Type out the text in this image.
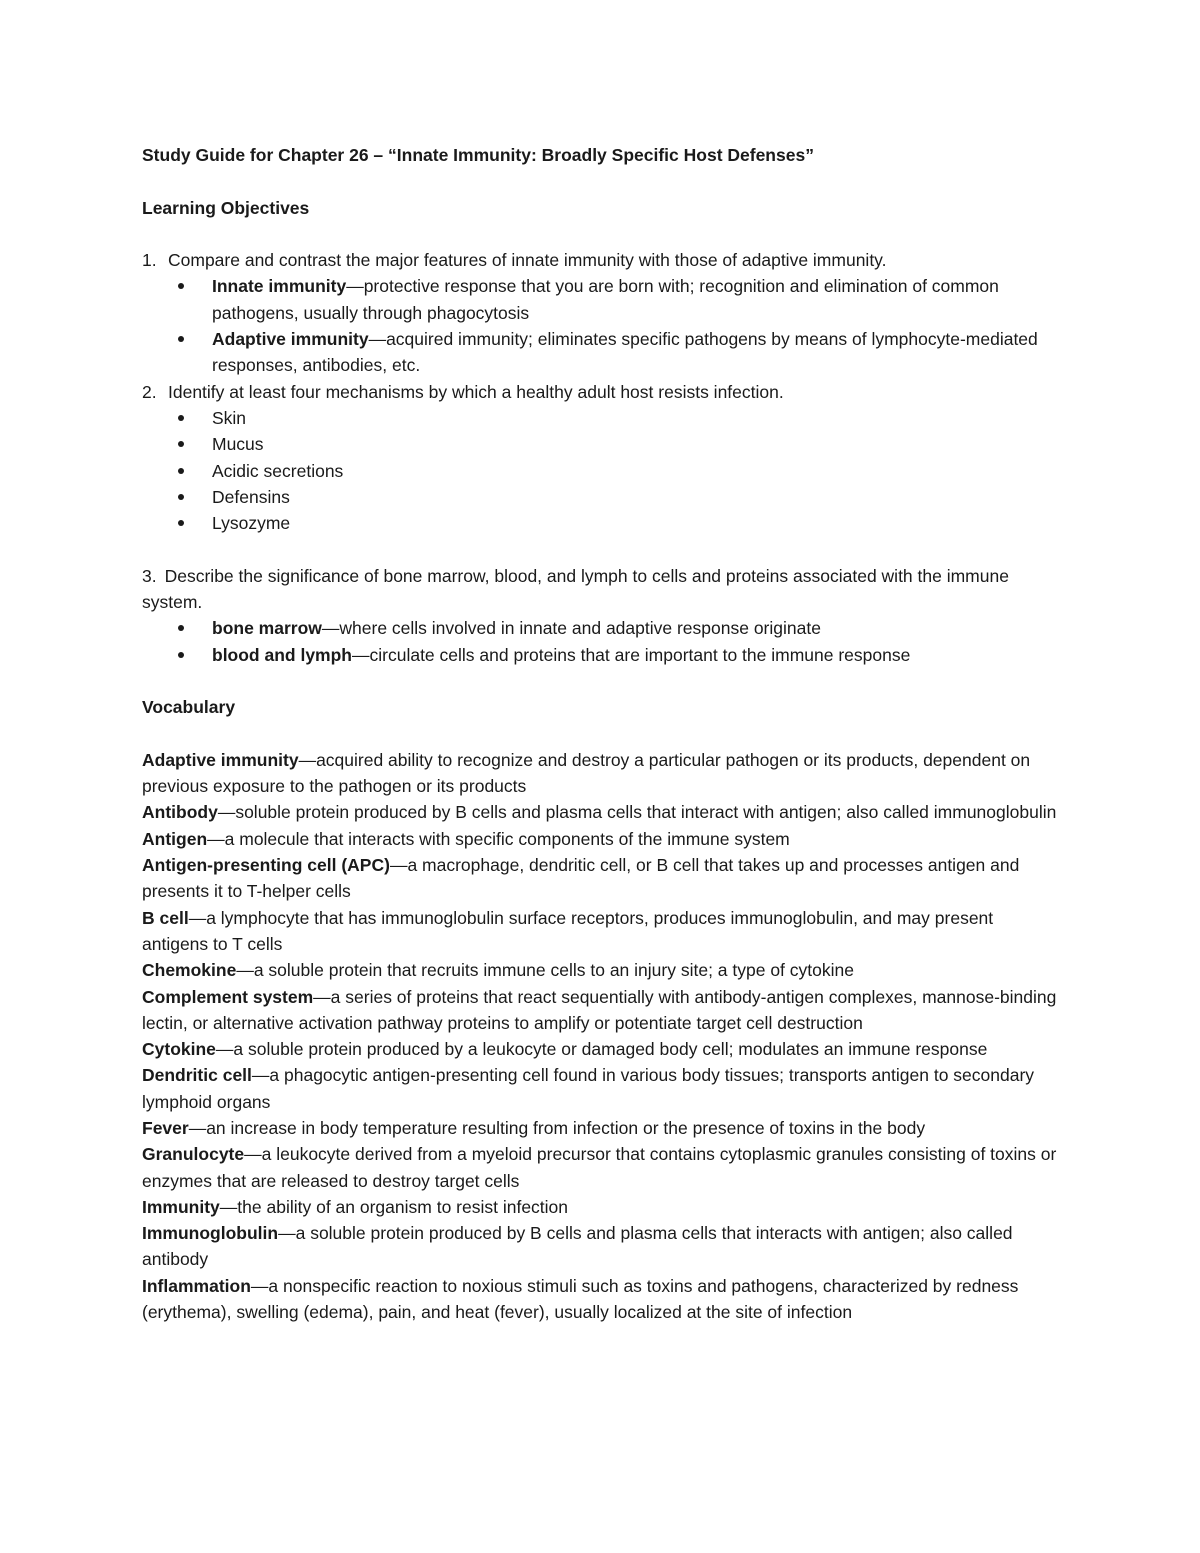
Study Guide for Chapter 26 – “Innate Immunity: Broadly Specific Host Defenses”

Learning Objectives
1. Compare and contrast the major features of innate immunity with those of adaptive immunity.
Innate immunity—protective response that you are born with; recognition and elimination of common pathogens, usually through phagocytosis
Adaptive immunity—acquired immunity; eliminates specific pathogens by means of lymphocyte-mediated responses, antibodies, etc.
2. Identify at least four mechanisms by which a healthy adult host resists infection.
Skin
Mucus
Acidic secretions
Defensins
Lysozyme
3. Describe the significance of bone marrow, blood, and lymph to cells and proteins associated with the immune system.
bone marrow—where cells involved in innate and adaptive response originate
blood and lymph—circulate cells and proteins that are important to the immune response
Vocabulary

Adaptive immunity—acquired ability to recognize and destroy a particular pathogen or its products, dependent on previous exposure to the pathogen or its products

Antibody—soluble protein produced by B cells and plasma cells that interact with antigen; also called immunoglobulin

Antigen—a molecule that interacts with specific components of the immune system

Antigen-presenting cell (APC)—a macrophage, dendritic cell, or B cell that takes up and processes antigen and presents it to T-helper cells

B cell—a lymphocyte that has immunoglobulin surface receptors, produces immunoglobulin, and may present antigens to T cells

Chemokine—a soluble protein that recruits immune cells to an injury site; a type of cytokine

Complement system—a series of proteins that react sequentially with antibody-antigen complexes, mannose-binding lectin, or alternative activation pathway proteins to amplify or potentiate target cell destruction

Cytokine—a soluble protein produced by a leukocyte or damaged body cell; modulates an immune response

Dendritic cell—a phagocytic antigen-presenting cell found in various body tissues; transports antigen to secondary lymphoid organs

Fever—an increase in body temperature resulting from infection or the presence of toxins in the body

Granulocyte—a leukocyte derived from a myeloid precursor that contains cytoplasmic granules consisting of toxins or enzymes that are released to destroy target cells

Immunity—the ability of an organism to resist infection

Immunoglobulin—a soluble protein produced by B cells and plasma cells that interacts with antigen; also called antibody

Inflammation—a nonspecific reaction to noxious stimuli such as toxins and pathogens, characterized by redness (erythema), swelling (edema), pain, and heat (fever), usually localized at the site of infection
